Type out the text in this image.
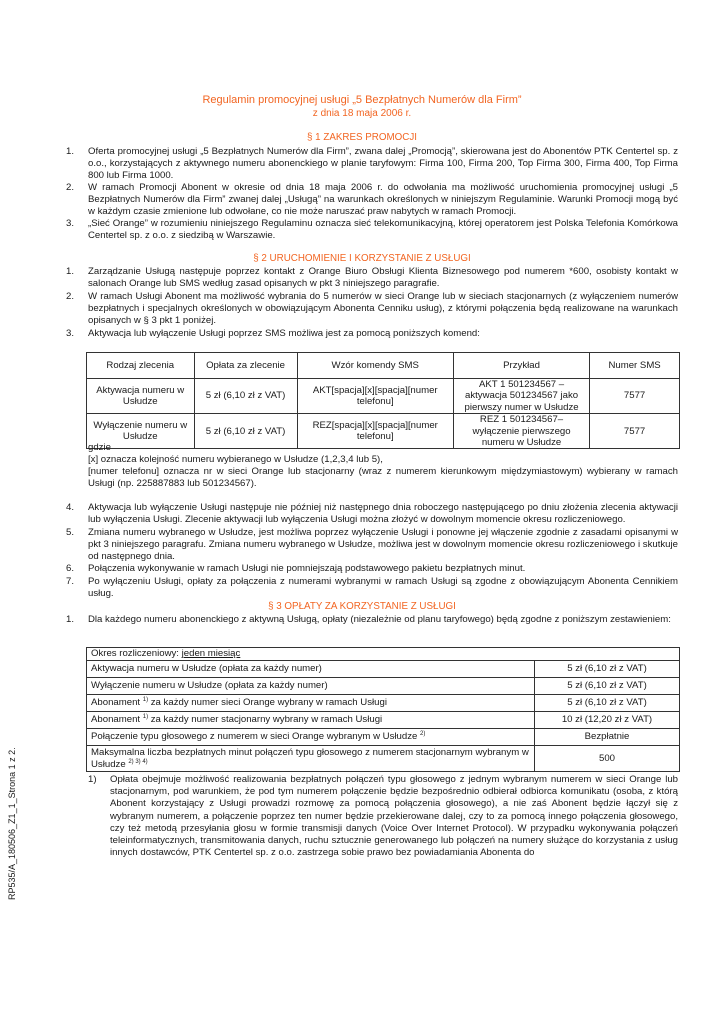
Regulamin promocyjnej usługi „5 Bezpłatnych Numerów dla Firm”
z dnia 18 maja 2006 r.
§ 1 ZAKRES PROMOCJI
1.	Oferta promocyjnej usługi „5 Bezpłatnych Numerów dla Firm”, zwana dalej „Promocją”, skierowana jest do Abonentów PTK Centertel sp. z o.o., korzystających z aktywnego numeru abonenckiego w planie taryfowym: Firma 100, Firma 200, Top Firma 300, Firma 400, Top Firma 800 lub Firma 1000.
2.	W ramach Promocji Abonent w okresie od dnia 18 maja 2006 r. do odwołania ma możliwość uruchomienia promocyjnej usługi „5 Bezpłatnych Numerów dla Firm” zwanej dalej „Usługą” na warunkach określonych w niniejszym Regulaminie. Warunki Promocji mogą być w każdym czasie zmienione lub odwołane, co nie może naruszać praw nabytych w ramach Promocji.
3.	„Sieć Orange” w rozumieniu niniejszego Regulaminu oznacza sieć telekomunikacyjną, której operatorem jest Polska Telefonia Komórkowa Centertel sp. z o.o. z siedzibą w Warszawie.
§ 2 URUCHOMIENIE I KORZYSTANIE Z USŁUGI
1.	Zarządzanie Usługą następuje poprzez kontakt z Orange Biuro Obsługi Klienta Biznesowego pod numerem *600, osobisty kontakt w salonach Orange lub SMS według zasad opisanych w pkt 3 niniejszego paragrafie.
2.	W ramach Usługi Abonent ma możliwość wybrania do 5 numerów w sieci Orange lub w sieciach stacjonarnych (z wyłączeniem numerów bezpłatnych i specjalnych określonych w obowiązującym Abonenta Cenniku usług), z którymi połączenia będą realizowane na warunkach opisanych w § 3 pkt 1 poniżej.
3.	Aktywacja lub wyłączenie Usługi poprzez SMS możliwa jest za pomocą poniższych komend:
Rodzaj zlecenia	Opłata za zlecenie	Wzór komendy SMS	Przykład	Numer SMS
Aktywacja numeru w Usłudze	5 zł (6,10 zł z VAT)	AKT[spacja][x][spacja][numer telefonu]	AKT 1 501234567 – aktywacja 501234567 jako pierwszy numer w Usłudze	7577
Wyłączenie numeru w Usłudze	5 zł (6,10 zł z VAT)	REZ[spacja][x][spacja][numer telefonu]	REZ 1 501234567– wyłączenie pierwszego numeru w Usłudze	7577
gdzie
[x] oznacza kolejność numeru wybieranego w Usłudze (1,2,3,4 lub 5),
[numer telefonu] oznacza nr w sieci Orange lub stacjonarny (wraz z numerem kierunkowym międzymiastowym) wybierany w ramach Usługi (np. 225887883 lub 501234567).
4.	Aktywacja lub wyłączenie Usługi następuje nie później niż następnego dnia roboczego następującego po dniu złożenia zlecenia aktywacji lub wyłączenia Usługi. Zlecenie aktywacji lub wyłączenia Usługi można złożyć w dowolnym momencie okresu rozliczeniowego.
5.	Zmiana numeru wybranego w Usłudze, jest możliwa poprzez wyłączenie Usługi i ponowne jej włączenie zgodnie z zasadami opisanymi w pkt 3 niniejszego paragrafu. Zmiana numeru wybranego w Usłudze, możliwa jest w dowolnym momencie okresu rozliczeniowego i skutkuje od następnego dnia.
6.	Połączenia wykonywanie w ramach Usługi nie pomniejszają podstawowego pakietu bezpłatnych minut.
7.	Po wyłączeniu Usługi, opłaty za połączenia z numerami wybranymi w ramach Usługi są zgodne z obowiązującym Abonenta Cennikiem usług.
§ 3 OPŁATY ZA KORZYSTANIE Z USŁUGI
1.	Dla każdego numeru abonenckiego z aktywną Usługą, opłaty (niezależnie od planu taryfowego) będą zgodne z poniższym zestawieniem:
Okres rozliczeniowy: jeden miesiąc	
Aktywacja numeru w Usłudze (opłata za każdy numer)	5 zł (6,10 zł z VAT)
Wyłączenie numeru w Usłudze (opłata za każdy numer)	5 zł (6,10 zł z VAT)
Abonament $^{1)}$ za każdy numer sieci Orange wybrany w ramach Usługi	5 zł (6,10 zł z VAT)
Abonament $^{1)}$ za każdy numer stacjonarny wybrany w ramach Usługi	10 zł (12,20 zł z VAT)
Połączenie typu głosowego z numerem w sieci Orange wybranym w Usłudze $^{2)}$	Bezpłatnie
Maksymalna liczba bezpłatnych minut połączeń typu głosowego z numerem stacjonarnym wybranym w Usłudze $^{2) 3) 4)}$	500
1)	Opłata obejmuje możliwość realizowania bezpłatnych połączeń typu głosowego z jednym wybranym numerem w sieci Orange lub stacjonarnym, pod warunkiem, że pod tym numerem połączenie będzie bezpośrednio odbierał odbiorca komunikatu (osoba, z którą Abonent korzystający z Usługi prowadzi rozmowę za pomocą połączenia głosowego), a nie zaś Abonent będzie łączył się z wybranym numerem, a połączenie poprzez ten numer będzie przekierowane dalej, czy to za pomocą innego połączenia głosowego, czy też metodą przesyłania głosu w formie transmisji danych (Voice Over Internet Protocol). W przypadku wykonywania połączeń teleinformatycznych, transmitowania danych, ruchu sztucznie generowanego lub połączeń na numery służące do korzystania z usług innych dostawców, PTK Centertel sp. z o.o. zastrzega sobie prawo bez powiadamiania Abonenta do
RP535/A_180506_Z1_1_Strona 1 z 2.
